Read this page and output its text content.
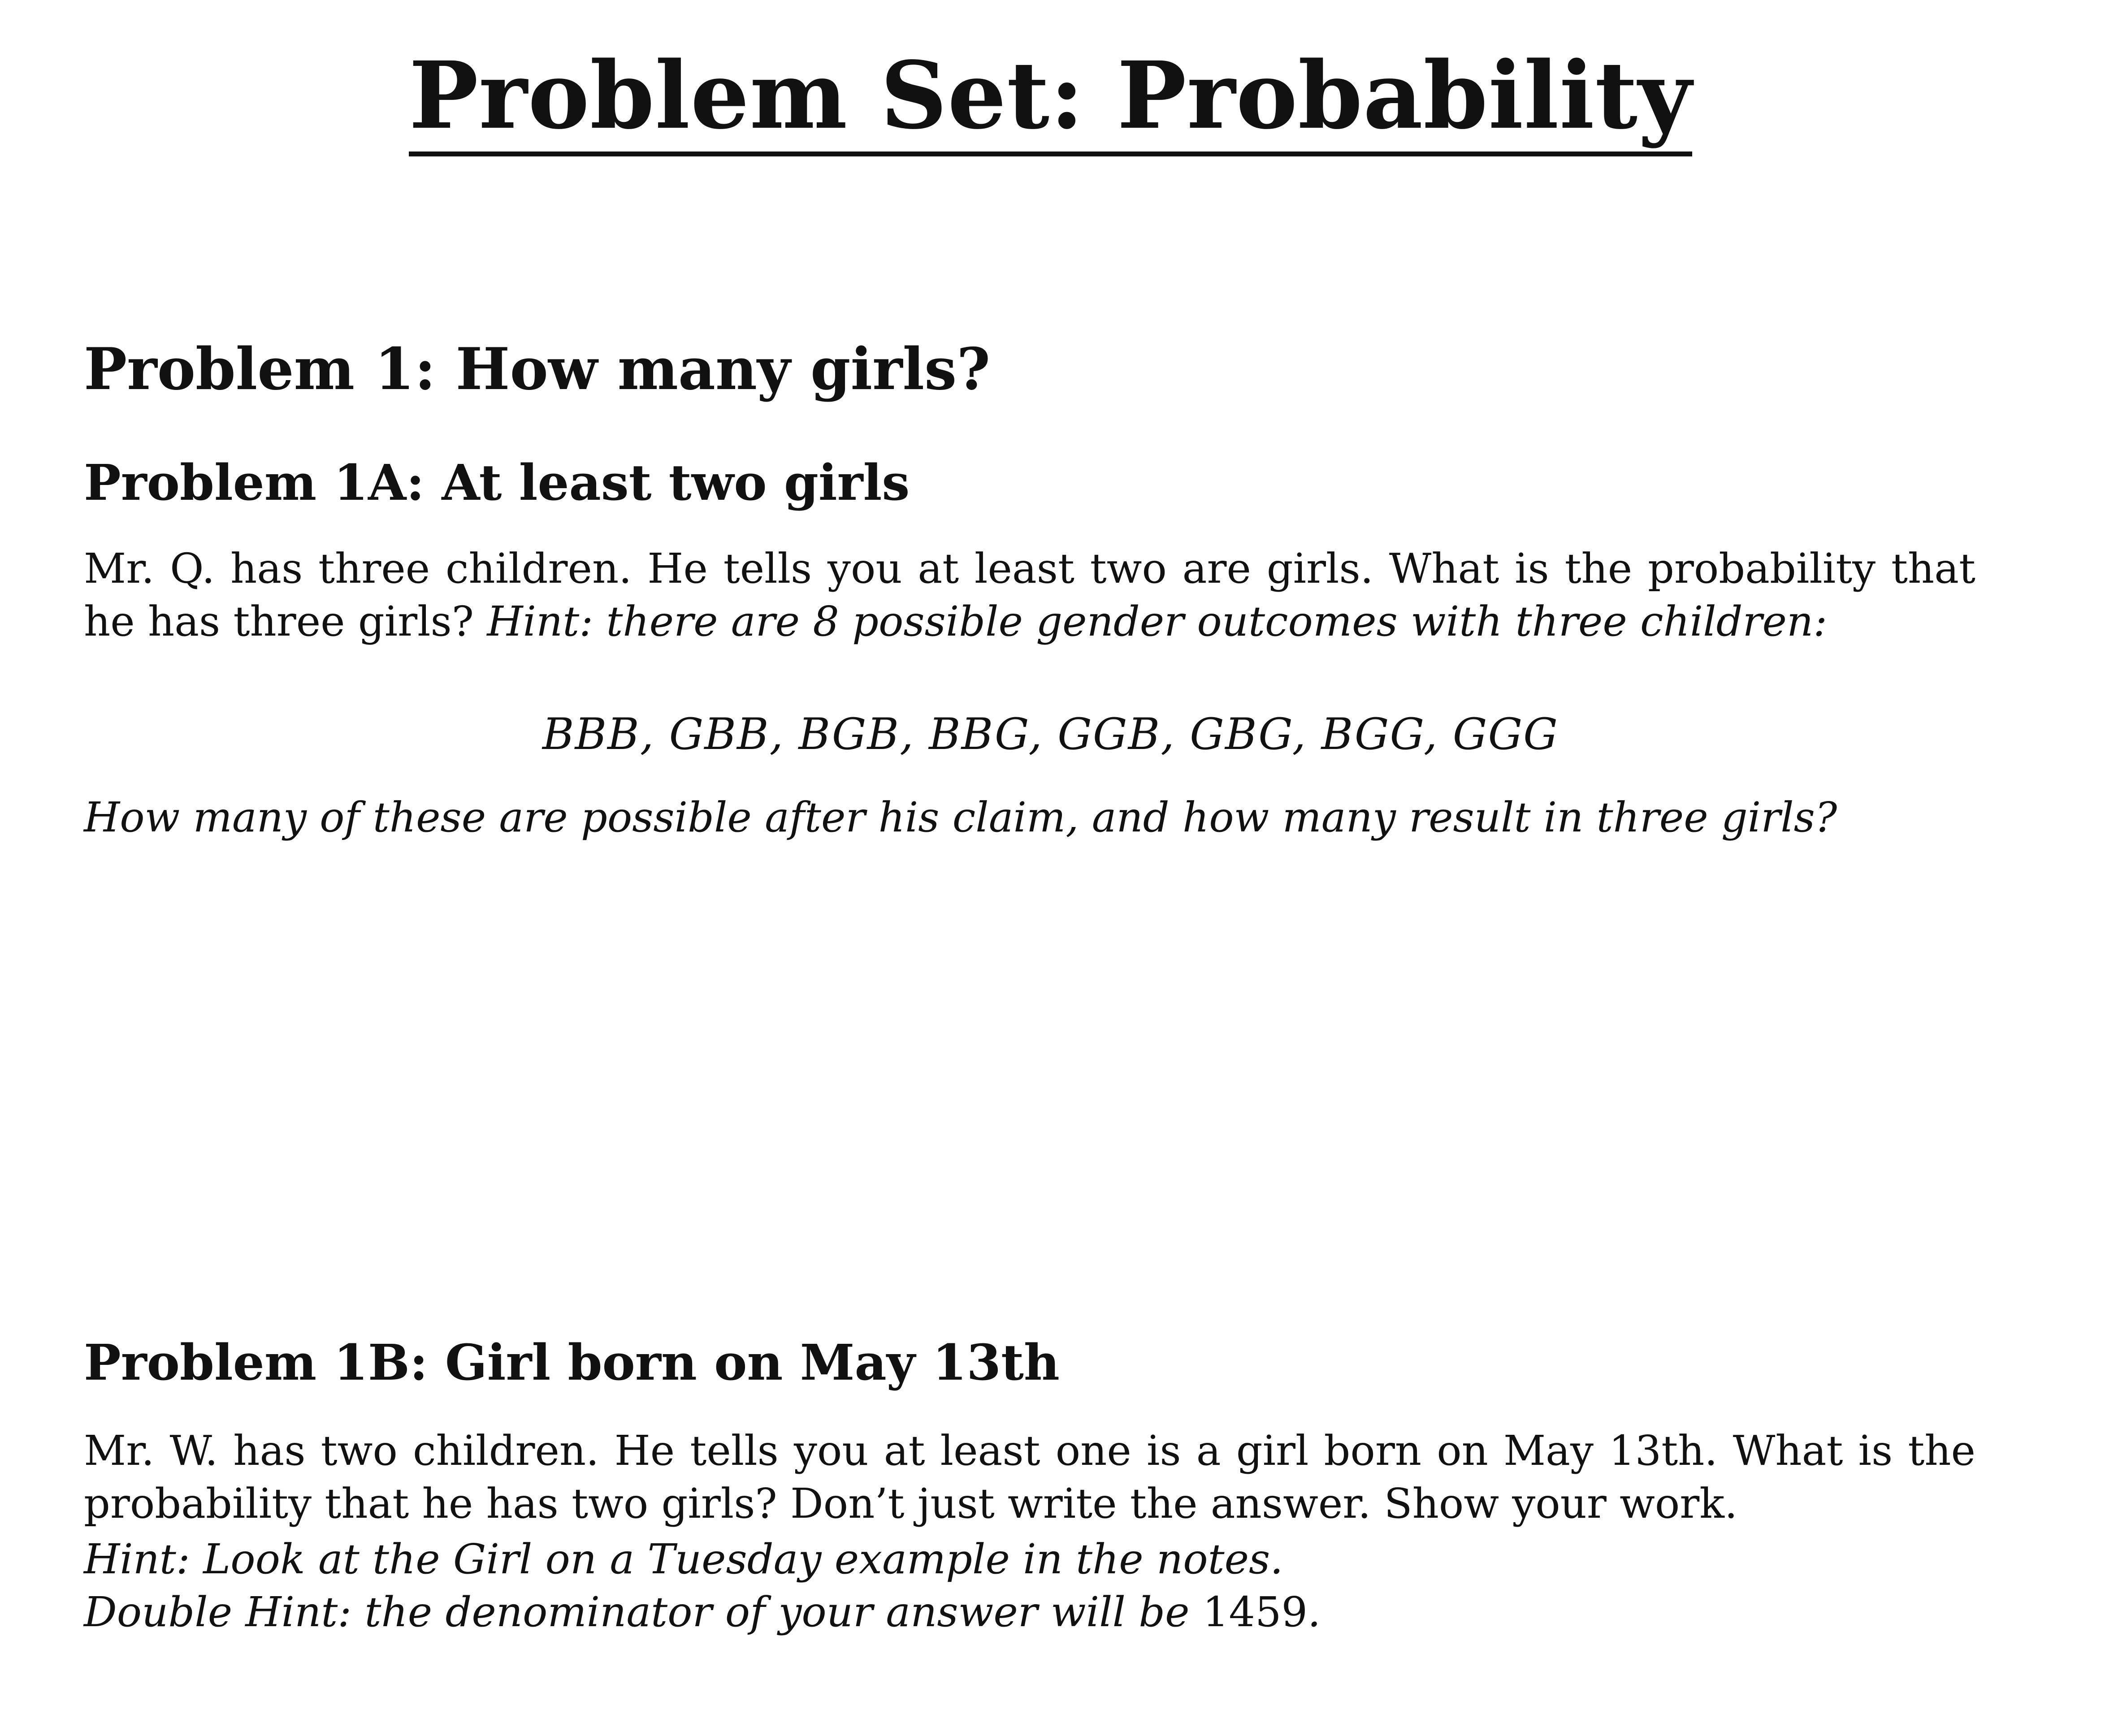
Problem Set: Probability
Problem 1: How many girls?
Problem 1A: At least two girls

Mr. Q. has three children. He tells you at least two are girls. What is the probability that he has three girls? Hint: there are 8 possible gender outcomes with three children:

BBB, GBB, BGB, BBG, GGB, GBG, BGG, GGG

How many of these are possible after his claim, and how many result in three girls?

Problem 1B: Girl born on May 13th

Mr. W. has two children. He tells you at least one is a girl born on May 13th. What is the probability that he has two girls? Don’t just write the answer. Show your work.

Hint: Look at the Girl on a Tuesday example in the notes.

Double Hint: the denominator of your answer will be 1459.
